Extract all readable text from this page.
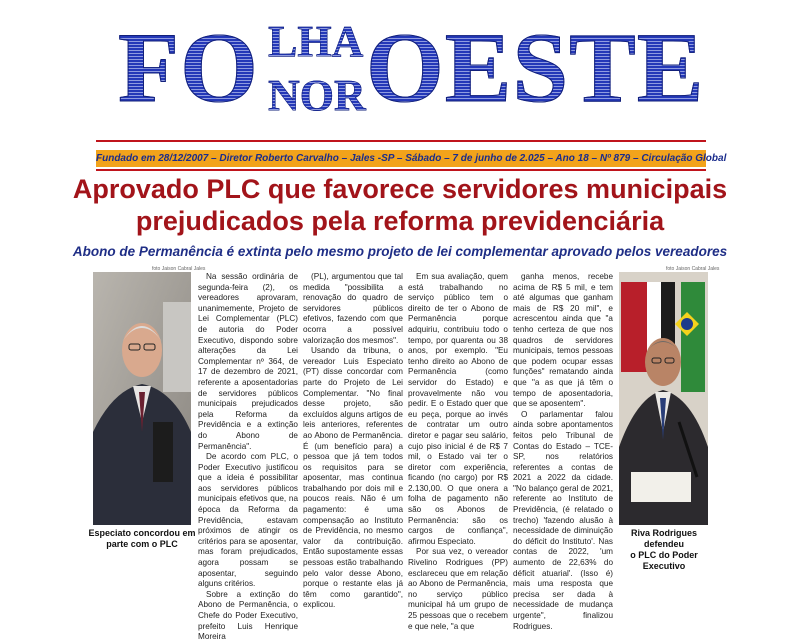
FO LHA
NOR OESTE
Fundado em 28/12/2007 – Diretor Roberto Carvalho – Jales -SP – Sábado – 7 de junho de 2.025 – Ano 18 – Nº 879 – Circulação Global
Aprovado PLC que favorece servidores municipais
prejudicados pela reforma previdenciária
Abono de Permanência é extinta pelo mesmo projeto de lei complementar aprovado pelos vereadores
foto Jaison Cabral Jales
Especiato concordou em
parte com o PLC

Na sessão ordinária de segunda-feira (2), os vereadores aprovaram, unanimemente, Projeto de Lei Complementar (PLC) de autoria do Poder Executivo, dispondo sobre alterações da Lei Complementar nº 364, de 17 de dezembro de 2021, referente a aposentadorias de servidores públicos municipais prejudicados pela Reforma da Previdência e a extinção do Abono de Permanência".

De acordo com PLC, o Poder Executivo justificou que a ideia é possibilitar aos servidores públicos municipais efetivos que, na época da Reforma da Previdência, estavam próximos de atingir os critérios para se aposentar, mas foram prejudicados, agora possam se aposentar, seguindo alguns critérios.

Sobre a extinção do Abono de Permanência, o Chefe do Poder Executivo, prefeito Luis Henrique Moreira

(PL), argumentou que tal medida "possibilita a renovação do quadro de servidores públicos efetivos, fazendo com que ocorra a possível valorização dos mesmos".

Usando da tribuna, o vereador Luis Especiato (PT) disse concordar com parte do Projeto de Lei Complementar. "No final desse projeto, são excluídos alguns artigos de leis anteriores, referentes ao Abono de Permanência. É (um benefício para) a pessoa que já tem todos os requisitos para se aposentar, mas continua trabalhando por dois mil e poucos reais. Não é um pagamento: é uma compensação ao Instituto de Previdência, no mesmo valor da contribuição. Então supostamente essas pessoas estão trabalhando pelo valor desse Abono, porque o restante elas já têm como garantido", explicou.

Em sua avaliação, quem está trabalhando no serviço público tem o direito de ter o Abono de Permanência porque adquiriu, contribuiu todo o tempo, por quarenta ou 38 anos, por exemplo. "Eu tenho direito ao Abono de Permanência (como servidor do Estado) e provavelmente não vou pedir. E o Estado quer que eu peça, porque ao invés de contratar um outro diretor e pagar seu salário, cujo piso inicial é de R$ 7 mil, o Estado vai ter o diretor com experiência, ficando (no cargo) por R$ 2.130,00. O que onera a folha de pagamento não são os Abonos de Permanência: são os cargos de confiança", afirmou Especiato.

Por sua vez, o vereador Rivelino Rodrigues (PP) esclareceu que em relação ao Abono de Permanência, no serviço público municipal há um grupo de 25 pessoas que o recebem e que nele, "a que

ganha menos, recebe acima de R$ 5 mil, e tem até algumas que ganham mais de R$ 20 mil", e acrescentou ainda que "a tenho certeza de que nos quadros de servidores municipais, temos pessoas que podem ocupar essas funções" rematando ainda que "a as que já têm o tempo de aposentadoria, que se aposentem".

O parlamentar falou ainda sobre apontamentos feitos pelo Tribunal de Contas do Estado – TCE-SP, nos relatórios referentes a contas de 2021 a 2022 da cidade. "No balanço geral de 2021, referente ao Instituto de Previdência, (é relatado o trecho) 'fazendo alusão à necessidade de diminuição do déficit do Instituto'. Nas contas de 2022, 'um aumento de 22,63% do déficit atuarial'. (Isso é) mais uma resposta que precisa ser dada à necessidade de mudança urgente", finalizou Rodrigues.

foto Jaison Cabral Jales
Riva Rodrigues defendeu
o PLC do Poder Executivo
